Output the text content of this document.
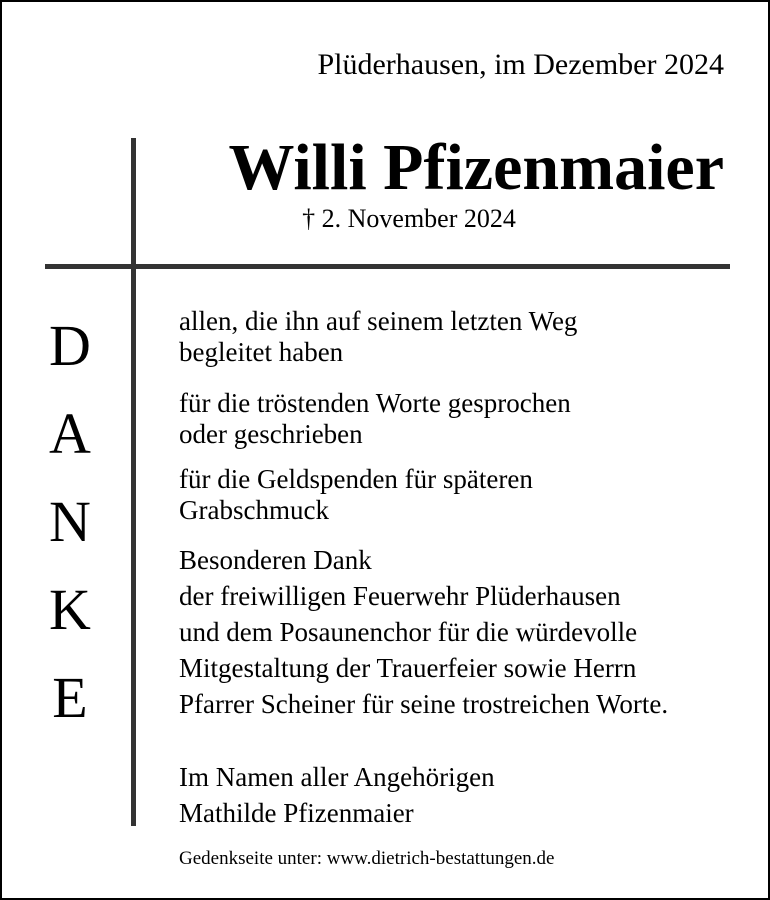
Plüderhausen, im Dezember 2024
Willi Pfizenmaier
† 2. November 2024
D
A
N
K
E
allen, die ihn auf seinem letzten Weg
begleitet haben
für die tröstenden Worte gesprochen
oder geschrieben
für die Geldspenden für späteren
Grabschmuck
Besonderen Dank
der freiwilligen Feuerwehr Plüderhausen
und dem Posaunenchor für die würdevolle
Mitgestaltung der Trauerfeier sowie Herrn
Pfarrer Scheiner für seine trostreichen Worte.
Im Namen aller Angehörigen
Mathilde Pfizenmaier
Gedenkseite unter: www.dietrich-bestattungen.de
